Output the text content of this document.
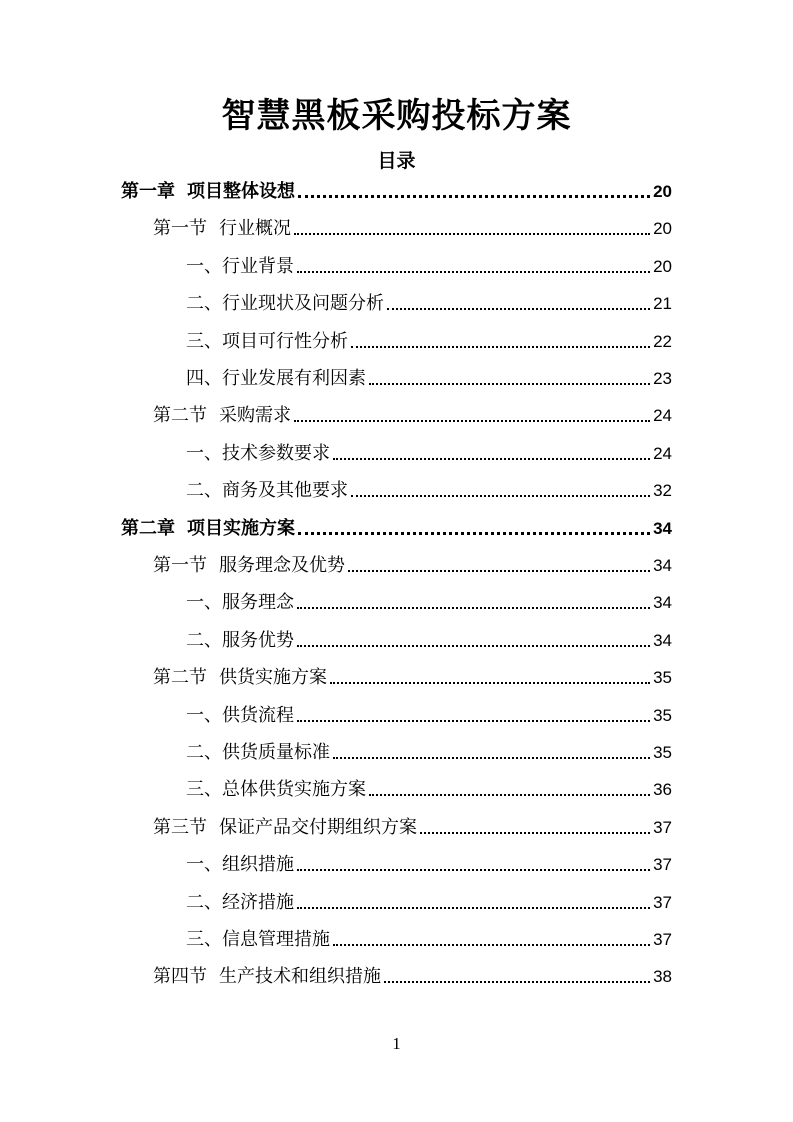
智慧黑板采购投标方案
目录
第一章 项目整体设想	20
第一节 行业概况	20
一、行业背景	20
二、行业现状及问题分析	21
三、项目可行性分析	22
四、行业发展有利因素	23
第二节 采购需求	24
一、技术参数要求	24
二、商务及其他要求	32
第二章 项目实施方案	34
第一节 服务理念及优势	34
一、服务理念	34
二、服务优势	34
第二节 供货实施方案	35
一、供货流程	35
二、供货质量标准	35
三、总体供货实施方案	36
第三节 保证产品交付期组织方案	37
一、组织措施	37
二、经济措施	37
三、信息管理措施	37
第四节 生产技术和组织措施	38
1
